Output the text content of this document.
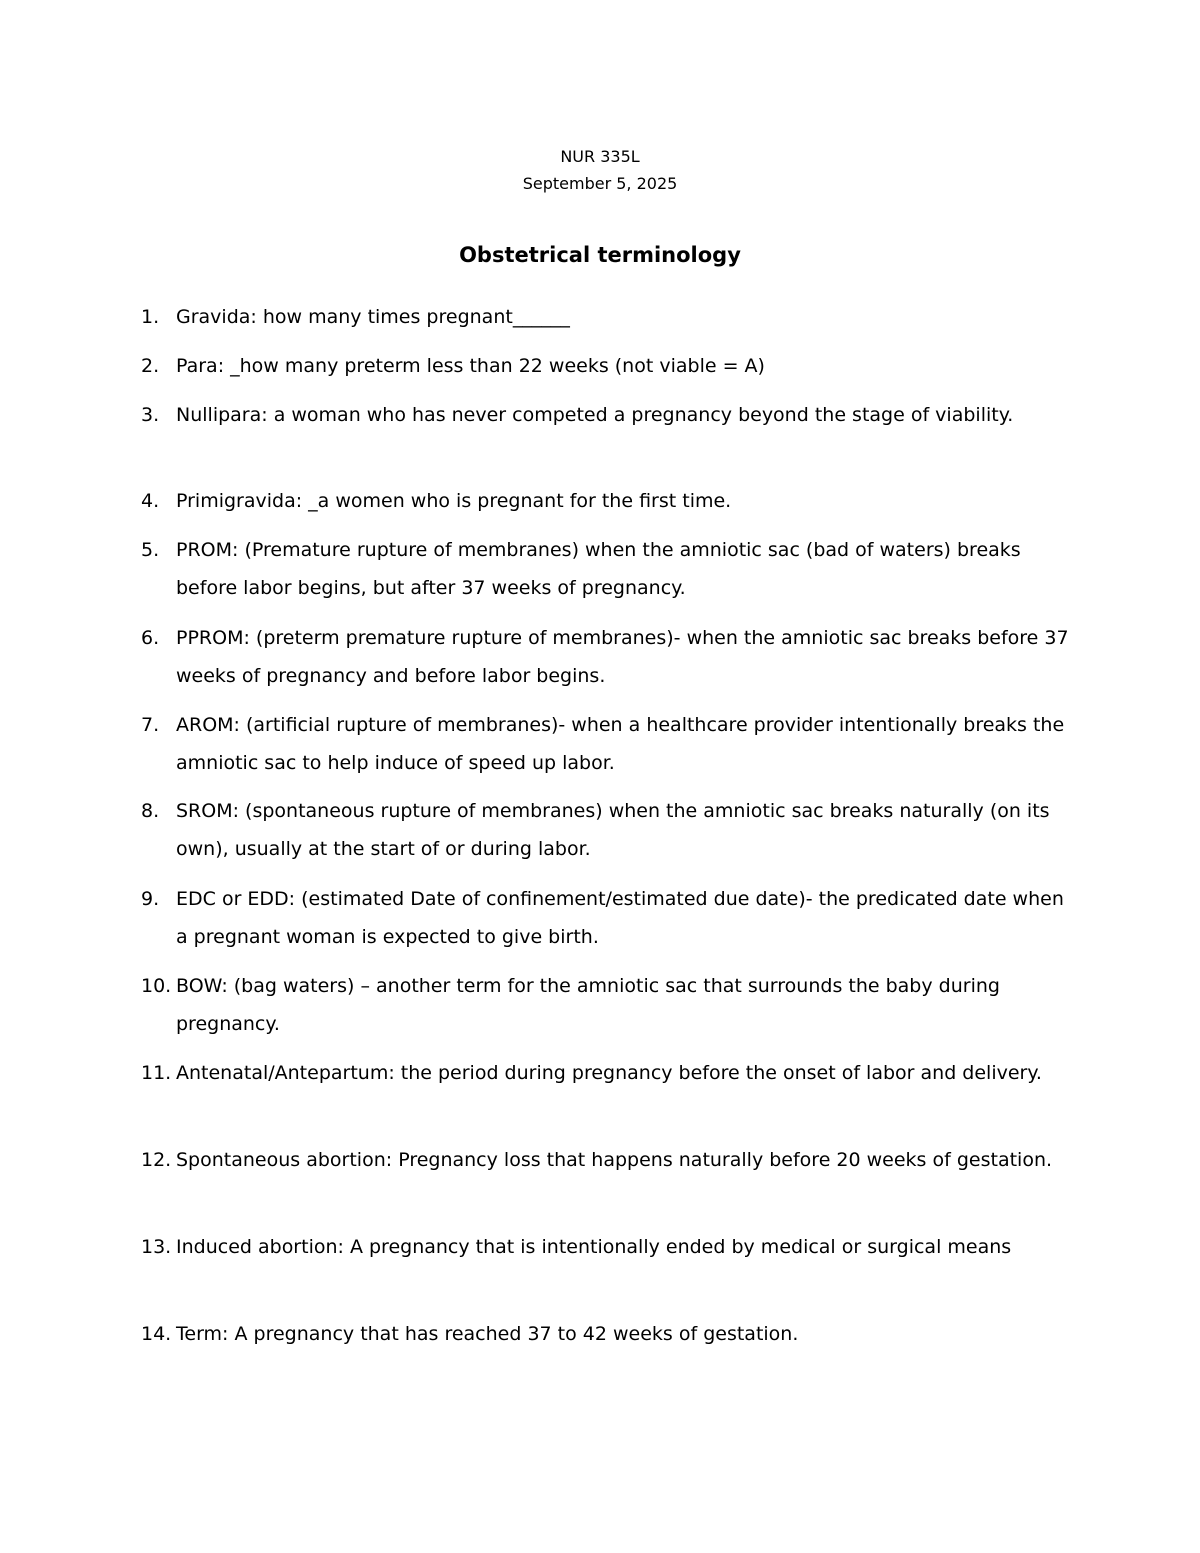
NUR 335L

September 5, 2025

Obstetrical terminology
1. Gravida: how many times pregnant______
2. Para: _how many preterm less than 22 weeks (not viable = A)
3. Nullipara: a woman who has never competed a pregnancy beyond the stage of viability.
4. Primigravida: _a women who is pregnant for the first time.
5. PROM: (Premature rupture of membranes) when the amniotic sac (bad of waters) breaks before labor begins, but after 37 weeks of pregnancy.
6. PPROM: (preterm premature rupture of membranes)- when the amniotic sac breaks before 37 weeks of pregnancy and before labor begins.
7. AROM: (artificial rupture of membranes)- when a healthcare provider intentionally breaks the amniotic sac to help induce of speed up labor.
8. SROM: (spontaneous rupture of membranes) when the amniotic sac breaks naturally (on its own), usually at the start of or during labor.
9. EDC or EDD: (estimated Date of confinement/estimated due date)- the predicated date when a pregnant woman is expected to give birth.
10. BOW: (bag waters) – another term for the amniotic sac that surrounds the baby during pregnancy.
11. Antenatal/Antepartum: the period during pregnancy before the onset of labor and delivery.
12. Spontaneous abortion: Pregnancy loss that happens naturally before 20 weeks of gestation.
13. Induced abortion: A pregnancy that is intentionally ended by medical or surgical means
14. Term: A pregnancy that has reached 37 to 42 weeks of gestation.
